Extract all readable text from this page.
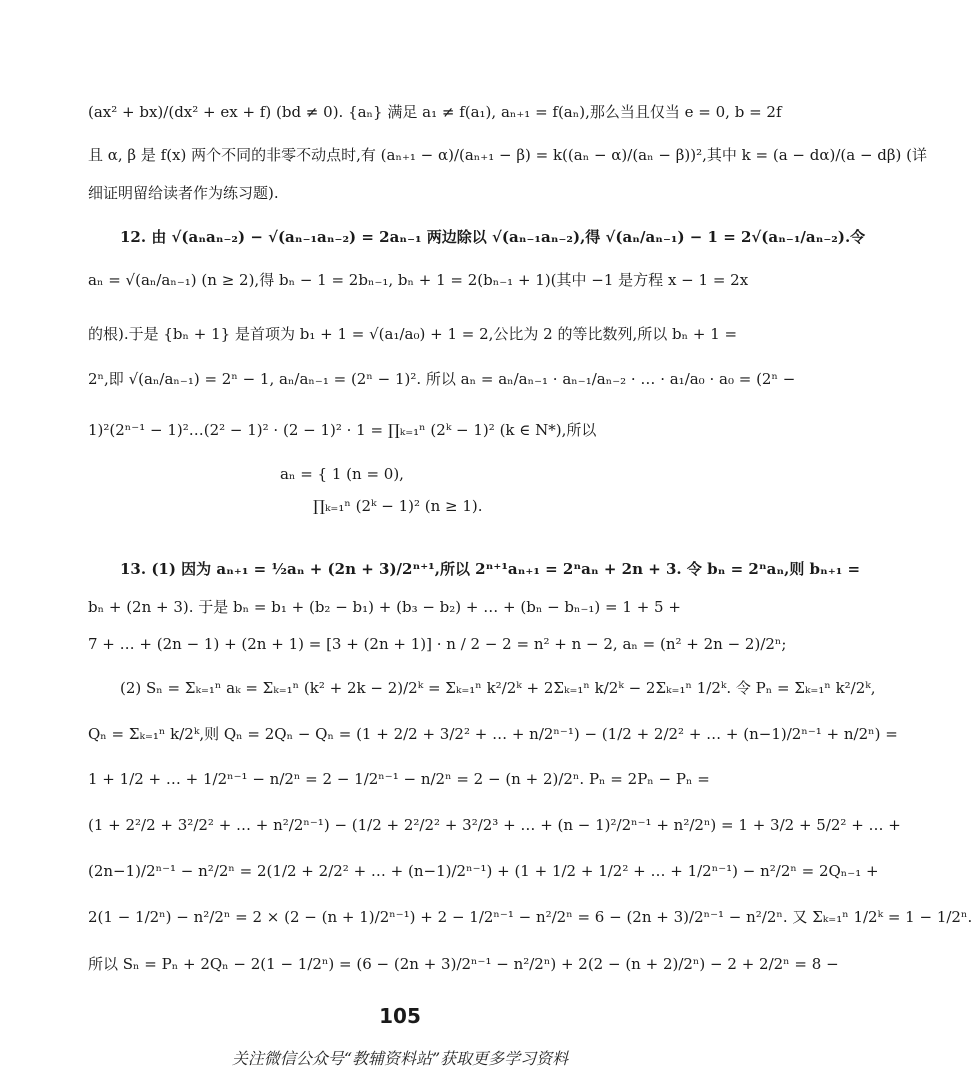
(ax² + bx)/(dx² + ex + f) (bd ≠ 0). {aₙ} 满足 a₁ ≠ f(a₁), aₙ₊₁ = f(aₙ),那么当且仅当 e = 0, b = 2f
且 α, β 是 f(x) 两个不同的非零不动点时,有 (aₙ₊₁ − α)/(aₙ₊₁ − β) = k((aₙ − α)/(aₙ − β))²,其中 k = (a − dα)/(a − dβ) (详
细证明留给读者作为练习题).
12. 由 √(aₙaₙ₋₂) − √(aₙ₋₁aₙ₋₂) = 2aₙ₋₁ 两边除以 √(aₙ₋₁aₙ₋₂),得 √(aₙ/aₙ₋₁) − 1 = 2√(aₙ₋₁/aₙ₋₂).令
aₙ = √(aₙ/aₙ₋₁) (n ≥ 2),得 bₙ − 1 = 2bₙ₋₁, bₙ + 1 = 2(bₙ₋₁ + 1)(其中 −1 是方程 x − 1 = 2x
的根).于是 {bₙ + 1} 是首项为 b₁ + 1 = √(a₁/a₀) + 1 = 2,公比为 2 的等比数列,所以 bₙ + 1 =
2ⁿ,即 √(aₙ/aₙ₋₁) = 2ⁿ − 1, aₙ/aₙ₋₁ = (2ⁿ − 1)². 所以 aₙ = aₙ/aₙ₋₁ · aₙ₋₁/aₙ₋₂ · … · a₁/a₀ · a₀ = (2ⁿ −
1)²(2ⁿ⁻¹ − 1)²…(2² − 1)² · (2 − 1)² · 1 = ∏ₖ₌₁ⁿ (2ᵏ − 1)² (k ∈ N*),所以
aₙ = { 1 (n = 0),
∏ₖ₌₁ⁿ (2ᵏ − 1)² (n ≥ 1).
13. (1) 因为 aₙ₊₁ = ½aₙ + (2n + 3)/2ⁿ⁺¹,所以 2ⁿ⁺¹aₙ₊₁ = 2ⁿaₙ + 2n + 3. 令 bₙ = 2ⁿaₙ,则 bₙ₊₁ =
bₙ + (2n + 3). 于是 bₙ = b₁ + (b₂ − b₁) + (b₃ − b₂) + … + (bₙ − bₙ₋₁) = 1 + 5 +
7 + … + (2n − 1) + (2n + 1) = [3 + (2n + 1)] · n / 2 − 2 = n² + n − 2, aₙ = (n² + 2n − 2)/2ⁿ;
(2) Sₙ = Σₖ₌₁ⁿ aₖ = Σₖ₌₁ⁿ (k² + 2k − 2)/2ᵏ = Σₖ₌₁ⁿ k²/2ᵏ + 2Σₖ₌₁ⁿ k/2ᵏ − 2Σₖ₌₁ⁿ 1/2ᵏ. 令 Pₙ = Σₖ₌₁ⁿ k²/2ᵏ,
Qₙ = Σₖ₌₁ⁿ k/2ᵏ,则 Qₙ = 2Qₙ − Qₙ = (1 + 2/2 + 3/2² + … + n/2ⁿ⁻¹) − (1/2 + 2/2² + … + (n−1)/2ⁿ⁻¹ + n/2ⁿ) =
1 + 1/2 + … + 1/2ⁿ⁻¹ − n/2ⁿ = 2 − 1/2ⁿ⁻¹ − n/2ⁿ = 2 − (n + 2)/2ⁿ. Pₙ = 2Pₙ − Pₙ =
(1 + 2²/2 + 3²/2² + … + n²/2ⁿ⁻¹) − (1/2 + 2²/2² + 3²/2³ + … + (n − 1)²/2ⁿ⁻¹ + n²/2ⁿ) = 1 + 3/2 + 5/2² + … +
(2n−1)/2ⁿ⁻¹ − n²/2ⁿ = 2(1/2 + 2/2² + … + (n−1)/2ⁿ⁻¹) + (1 + 1/2 + 1/2² + … + 1/2ⁿ⁻¹) − n²/2ⁿ = 2Qₙ₋₁ +
2(1 − 1/2ⁿ) − n²/2ⁿ = 2 × (2 − (n + 1)/2ⁿ⁻¹) + 2 − 1/2ⁿ⁻¹ − n²/2ⁿ = 6 − (2n + 3)/2ⁿ⁻¹ − n²/2ⁿ. 又 Σₖ₌₁ⁿ 1/2ᵏ = 1 − 1/2ⁿ.
所以 Sₙ = Pₙ + 2Qₙ − 2(1 − 1/2ⁿ) = (6 − (2n + 3)/2ⁿ⁻¹ − n²/2ⁿ) + 2(2 − (n + 2)/2ⁿ) − 2 + 2/2ⁿ = 8 −
105
关注微信公众号“教辅资料站”获取更多学习资料
